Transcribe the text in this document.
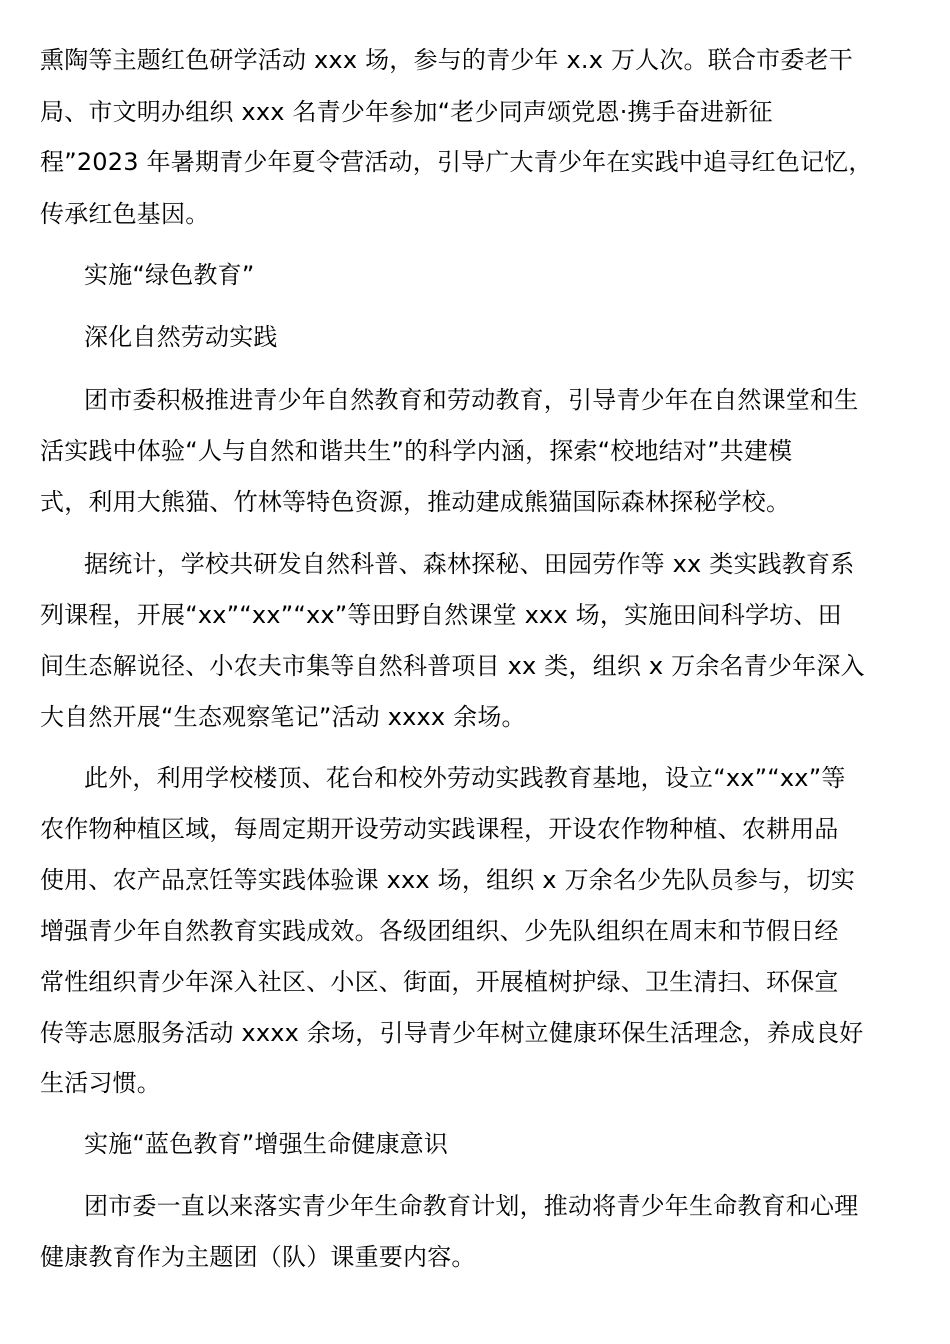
熏陶等主题红色研学活动 xxx 场，参与的青少年 x.x 万人次。联合市委老干
局、市文明办组织 xxx 名青少年参加“老少同声颂党恩·携手奋进新征
程”2023 年暑期青少年夏令营活动，引导广大青少年在实践中追寻红色记忆，
传承红色基因。
实施“绿色教育”
深化自然劳动实践
团市委积极推进青少年自然教育和劳动教育，引导青少年在自然课堂和生
活实践中体验“人与自然和谐共生”的科学内涵，探索“校地结对”共建模
式，利用大熊猫、竹林等特色资源，推动建成熊猫国际森林探秘学校。
据统计，学校共研发自然科普、森林探秘、田园劳作等 xx 类实践教育系
列课程，开展“xx”“xx”“xx”等田野自然课堂 xxx 场，实施田间科学坊、田
间生态解说径、小农夫市集等自然科普项目 xx 类，组织 x 万余名青少年深入
大自然开展“生态观察笔记”活动 xxxx 余场。
此外，利用学校楼顶、花台和校外劳动实践教育基地，设立“xx”“xx”等
农作物种植区域，每周定期开设劳动实践课程，开设农作物种植、农耕用品
使用、农产品烹饪等实践体验课 xxx 场，组织 x 万余名少先队员参与，切实
增强青少年自然教育实践成效。各级团组织、少先队组织在周末和节假日经
常性组织青少年深入社区、小区、街面，开展植树护绿、卫生清扫、环保宣
传等志愿服务活动 xxxx 余场，引导青少年树立健康环保生活理念，养成良好
生活习惯。
实施“蓝色教育”增强生命健康意识
团市委一直以来落实青少年生命教育计划，推动将青少年生命教育和心理
健康教育作为主题团（队）课重要内容。
